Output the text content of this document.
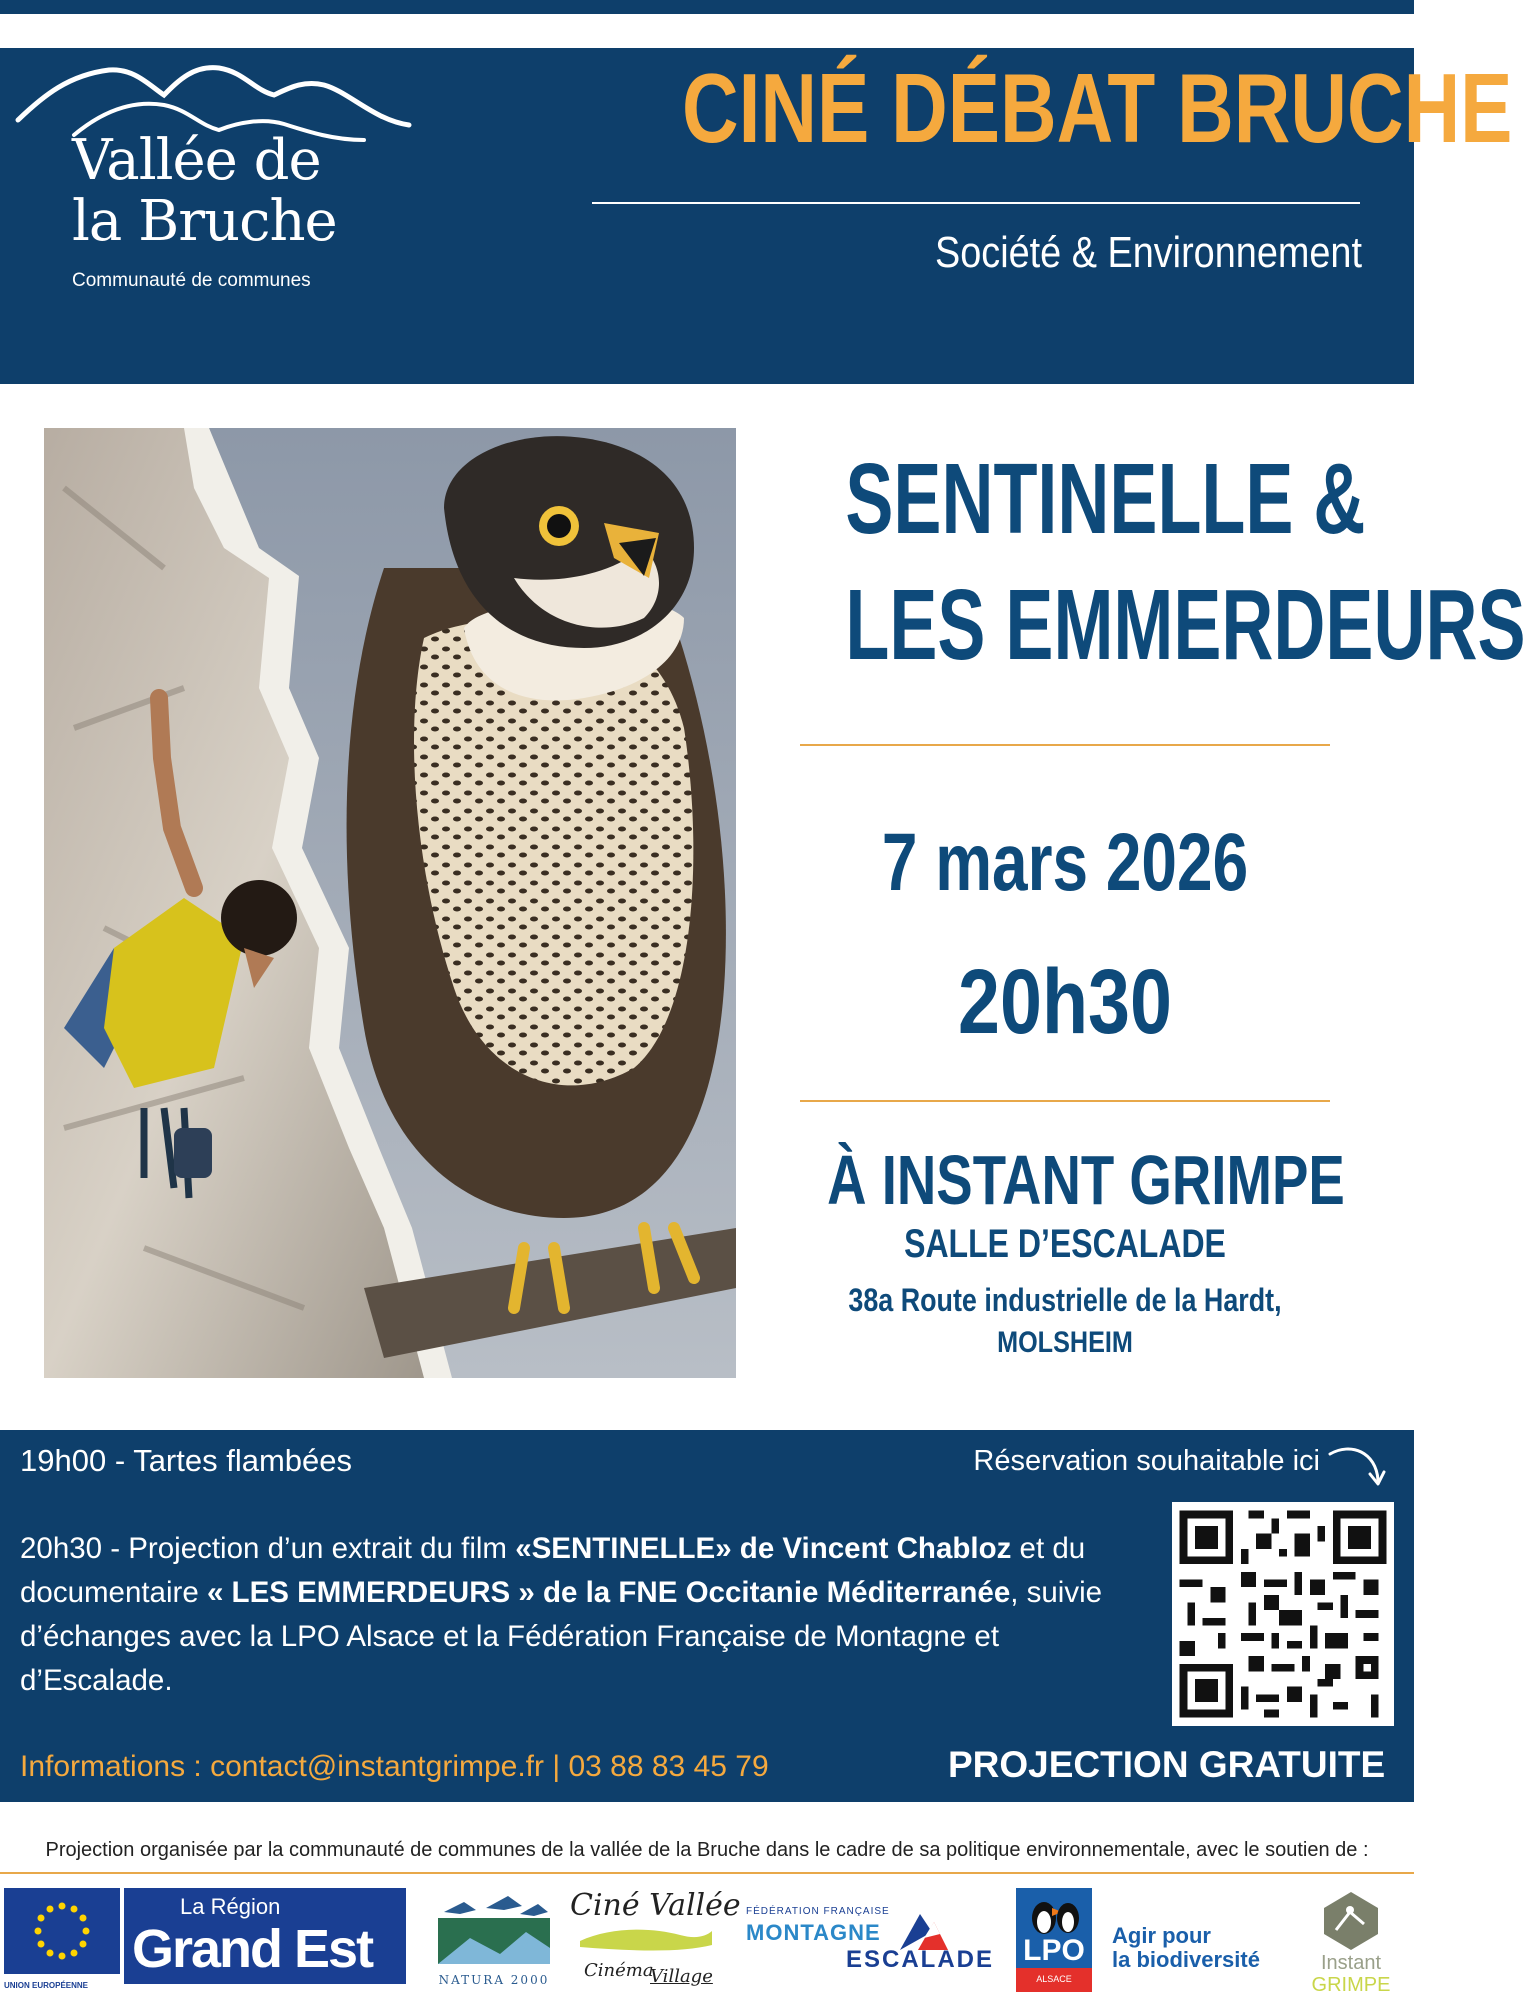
Vallée de
la Bruche
Communauté de communes
CINÉ DÉBAT BRUCHE
Société & Environnement
SENTINELLE &
LES EMMERDEURS
7 mars 2026
20h30
À INSTANT GRIMPE
SALLE D’ESCALADE
38a Route industrielle de la Hardt,
MOLSHEIM
19h00 - Tartes flambées	Réservation souhaitable ici
20h30 - Projection d’un extrait du film «SENTINELLE» de Vincent Chabloz et du documentaire « LES EMMERDEURS » de la FNE Occitanie Méditerranée, suivie d’échanges avec la LPO Alsace et la Fédération Française de Montagne et d’Escalade.
Informations : contact@instantgrimpe.fr | 03 88 83 45 79	PROJECTION GRATUITE
Projection organisée par la communauté de communes de la vallée de la Bruche dans le cadre de sa politique environnementale, avec le soutien de :
UNION EUROPÉENNE
La Région
Grand Est
NATURA 2000
Ciné Vallée
Cinéma
Village
FÉDÉRATION FRANÇAISE
MONTAGNE
ESCALADE LPO
ALSACE
Agir pour
la biodiversité	Instant
GRIMPE
